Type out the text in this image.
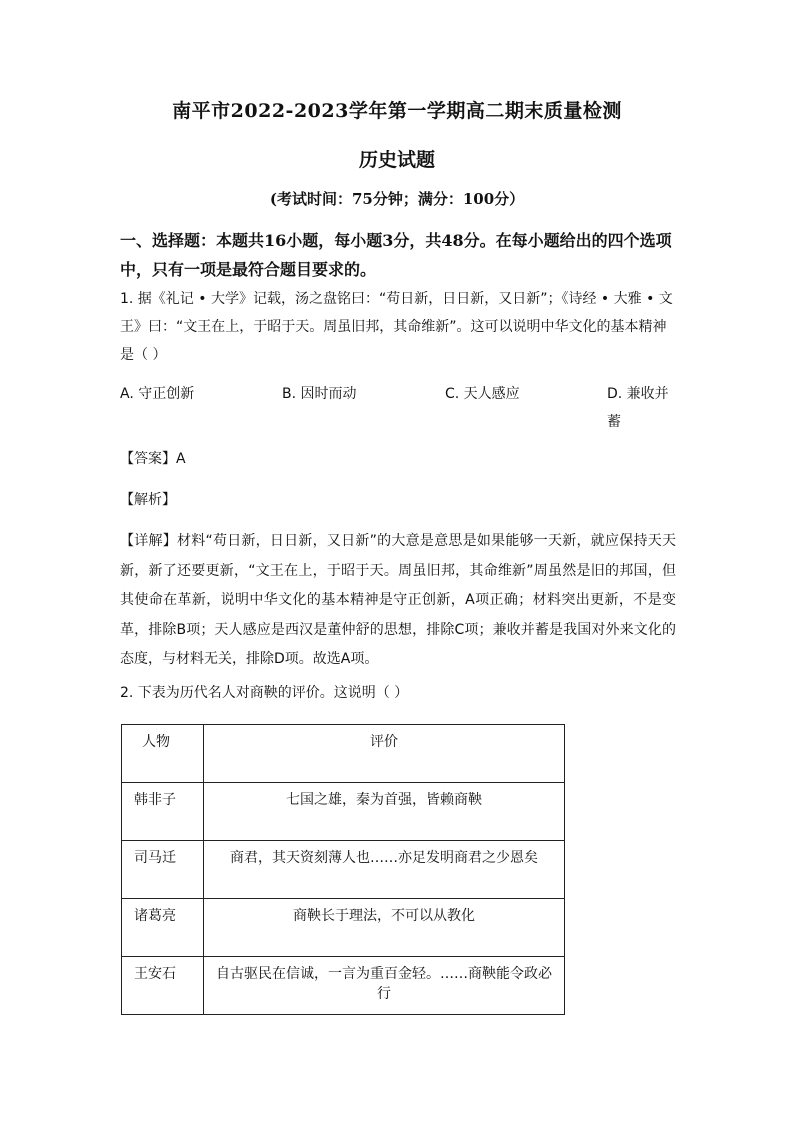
南平市2022-2023学年第一学期高二期末质量检测
历史试题
(考试时间：75分钟；满分：100分）
一、选择题：本题共16小题，每小题3分，共48分。在每小题给出的四个选项中，只有一项是最符合题目要求的。
1. 据《礼记 • 大学》记载，汤之盘铭曰：“苟日新，日日新，又日新”；《诗经 • 大雅 • 文王》曰：“文王在上，于昭于天。周虽旧邦，其命维新”。这可以说明中华文化的基本精神是（ ）
A. 守正创新	B. 因时而动	C. 天人感应	D. 兼收并蓄
【答案】A
【解析】
【详解】材料“苟日新，日日新，又日新”的大意是意思是如果能够一天新，就应保持天天新，新了还要更新，“文王在上，于昭于天。周虽旧邦，其命维新”周虽然是旧的邦国，但其使命在革新，说明中华文化的基本精神是守正创新，A项正确；材料突出更新，不是变革，排除B项；天人感应是西汉是董仲舒的思想，排除C项；兼收并蓄是我国对外来文化的态度，与材料无关，排除D项。故选A项。
2. 下表为历代名人对商鞅的评价。这说明（ ）
人物	评价
韩非子	七国之雄，秦为首强，皆赖商鞅
司马迁	商君，其天资刻薄人也……亦足发明商君之少恩矣
诸葛亮	商鞅长于理法，不可以从教化
王安石	自古驱民在信诚，一言为重百金轻。……商鞅能令政必行
